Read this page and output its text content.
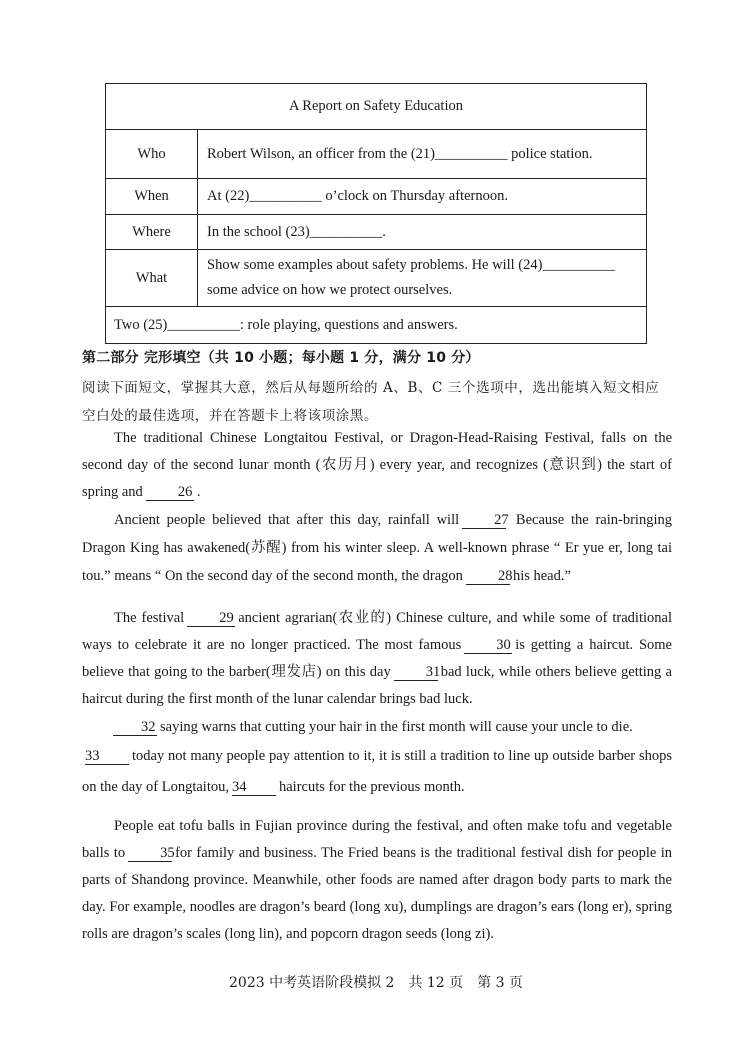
A Report on Safety Education	
Who	Robert Wilson, an officer from the (21)__________ police station.
When	At (22)__________ o’clock on Thursday afternoon.
Where	In the school (23)__________.
What	Show some examples about safety problems. He will (24)__________ some advice on how we protect ourselves.
Two (25)__________: role playing, questions and answers.	
第二部分 完形填空（共 10 小题；每小题 1 分，满分 10 分）
阅读下面短文，掌握其大意，然后从每题所给的 A、B、C 三个选项中，选出能填入短文相应空白处的最佳选项，并在答题卡上将该项涂黑。

The traditional Chinese Longtaitou Festival, or Dragon-Head-Raising Festival, falls on the second day of the second lunar month (农历月) every year, and recognizes (意识到) the start of spring and 26 .

Ancient people believed that after this day, rainfall will 27 Because the rain-bringing Dragon King has awakened(苏醒) from his winter sleep. A well-known phrase “ Er yue er, long tai tou.” means “ On the second day of the second month, the dragon 28his head.”

The festival 29 ancient agrarian(农业的) Chinese culture, and while some of traditional ways to celebrate it are no longer practiced. The most famous 30 is getting a haircut. Some believe that going to the barber(理发店) on this day 31bad luck, while others believe getting a haircut during the first month of the lunar calendar brings bad luck.

32 saying warns that cutting your hair in the first month will cause your uncle to die.

33 today not many people pay attention to it, it is still a tradition to line up outside barber shops on the day of Longtaitou, 34 haircuts for the previous month.

People eat tofu balls in Fujian province during the festival, and often make tofu and vegetable balls to 35for family and business. The Fried beans is the traditional festival dish for people in parts of Shandong province. Meanwhile, other foods are named after dragon body parts to mark the day. For example, noodles are dragon’s beard (long xu), dumplings are dragon’s ears (long er), spring rolls are dragon’s scales (long lin), and popcorn dragon seeds (long zi).

2023 中考英语阶段模拟 2　共 12 页　第 3 页
